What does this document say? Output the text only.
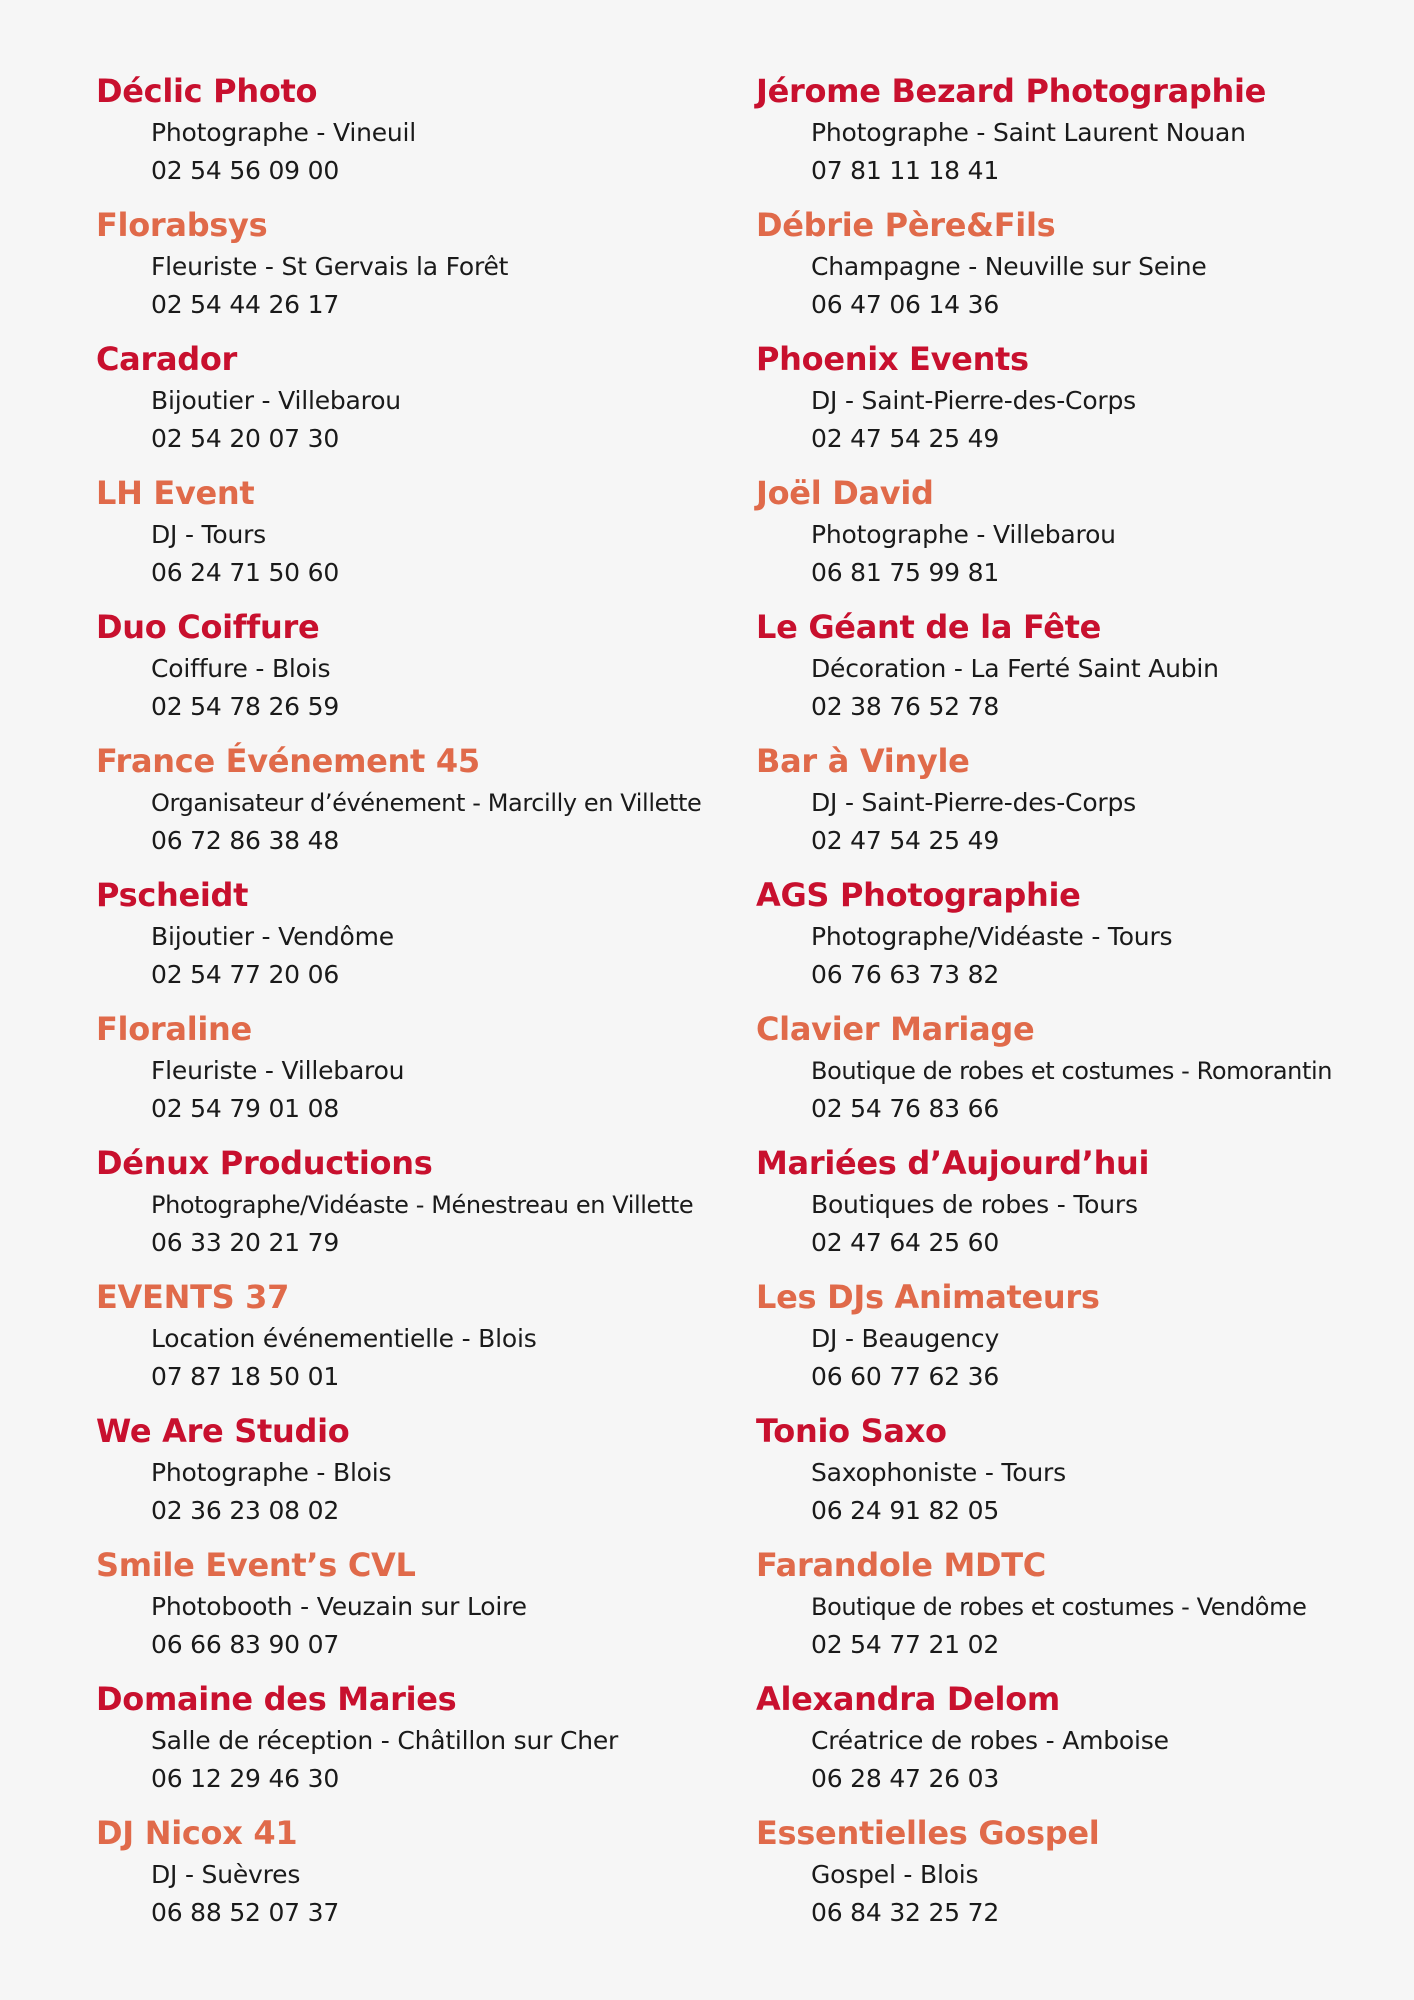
Déclic Photo
Photographe - Vineuil
02 54 56 09 00
Florabsys
Fleuriste - St Gervais la Forêt
02 54 44 26 17
Carador
Bijoutier - Villebarou
02 54 20 07 30
LH Event
DJ - Tours
06 24 71 50 60
Duo Coiffure
Coiffure - Blois
02 54 78 26 59
France Événement 45
Organisateur d’événement - Marcilly en Villette
06 72 86 38 48
Pscheidt
Bijoutier - Vendôme
02 54 77 20 06
Floraline
Fleuriste - Villebarou
02 54 79 01 08
Dénux Productions
Photographe/Vidéaste - Ménestreau en Villette
06 33 20 21 79
EVENTS 37
Location événementielle - Blois
07 87 18 50 01
We Are Studio
Photographe - Blois
02 36 23 08 02
Smile Event’s CVL
Photobooth - Veuzain sur Loire
06 66 83 90 07
Domaine des Maries
Salle de réception - Châtillon sur Cher
06 12 29 46 30
DJ Nicox 41
DJ - Suèvres
06 88 52 07 37
Jérome Bezard Photographie
Photographe - Saint Laurent Nouan
07 81 11 18 41
Débrie Père&Fils
Champagne - Neuville sur Seine
06 47 06 14 36
Phoenix Events
DJ - Saint-Pierre-des-Corps
02 47 54 25 49
Joël David
Photographe - Villebarou
06 81 75 99 81
Le Géant de la Fête
Décoration - La Ferté Saint Aubin
02 38 76 52 78
Bar à Vinyle
DJ - Saint-Pierre-des-Corps
02 47 54 25 49
AGS Photographie
Photographe/Vidéaste - Tours
06 76 63 73 82
Clavier Mariage
Boutique de robes et costumes - Romorantin
02 54 76 83 66
Mariées d’Aujourd’hui
Boutiques de robes - Tours
02 47 64 25 60
Les DJs Animateurs
DJ - Beaugency
06 60 77 62 36
Tonio Saxo
Saxophoniste - Tours
06 24 91 82 05
Farandole MDTC
Boutique de robes et costumes - Vendôme
02 54 77 21 02
Alexandra Delom
Créatrice de robes - Amboise
06 28 47 26 03
Essentielles Gospel
Gospel - Blois
06 84 32 25 72
